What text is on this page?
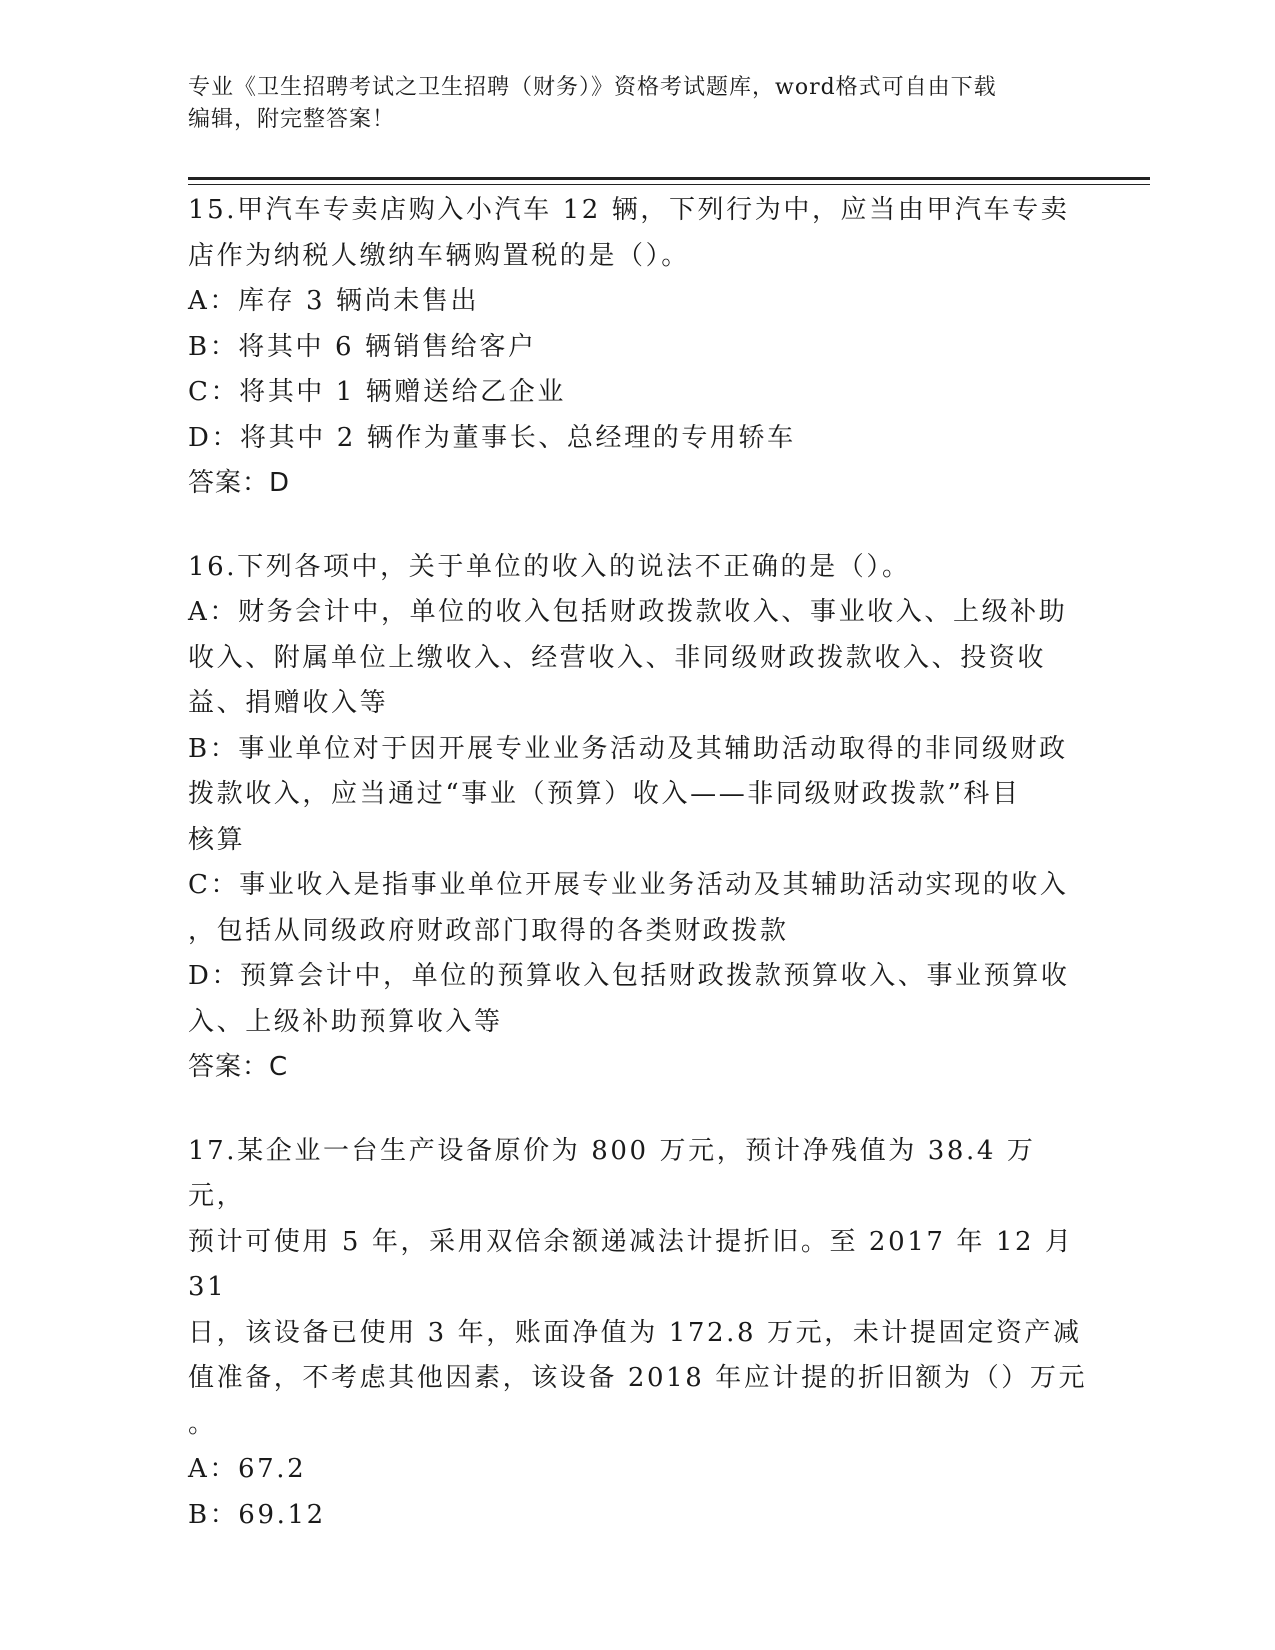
专业《卫生招聘考试之卫生招聘（财务）》资格考试题库，word格式可自由下载
编辑，附完整答案！
15.甲汽车专卖店购入小汽车 12 辆，下列行为中，应当由甲汽车专卖
店作为纳税人缴纳车辆购置税的是（）。
A：库存 3 辆尚未售出
B：将其中 6 辆销售给客户
C：将其中 1 辆赠送给乙企业
D：将其中 2 辆作为董事长、总经理的专用轿车
答案：D
16.下列各项中，关于单位的收入的说法不正确的是（）。
A：财务会计中，单位的收入包括财政拨款收入、事业收入、上级补助
收入、附属单位上缴收入、经营收入、非同级财政拨款收入、投资收
益、捐赠收入等
B：事业单位对于因开展专业业务活动及其辅助活动取得的非同级财政
拨款收入，应当通过“事业（预算）收入——非同级财政拨款”科目
核算
C：事业收入是指事业单位开展专业业务活动及其辅助活动实现的收入
，包括从同级政府财政部门取得的各类财政拨款
D：预算会计中，单位的预算收入包括财政拨款预算收入、事业预算收
入、上级补助预算收入等
答案：C
17.某企业一台生产设备原价为 800 万元，预计净残值为 38.4 万元，
预计可使用 5 年，采用双倍余额递减法计提折旧。至 2017 年 12 月 31
日，该设备已使用 3 年，账面净值为 172.8 万元，未计提固定资产减
值准备，不考虑其他因素，该设备 2018 年应计提的折旧额为（）万元
。
A：67.2
B：69.12
